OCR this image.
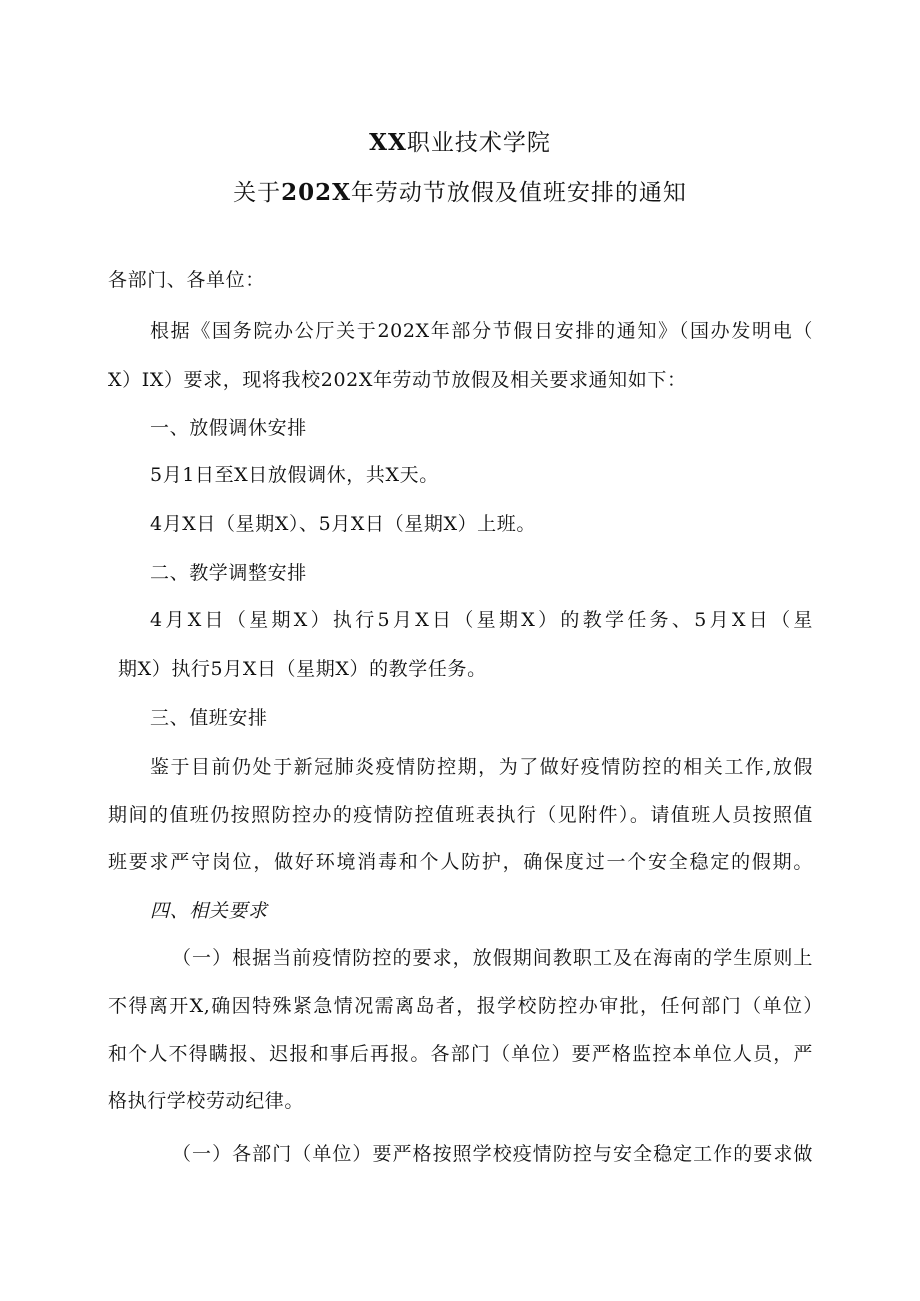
XX职业技术学院
关于202X年劳动节放假及值班安排的通知
各部门、各单位：
根据《国务院办公厅关于202X年部分节假日安排的通知》（国办发明电（
X）IX）要求，现将我校202X年劳动节放假及相关要求通知如下：
一、放假调休安排
5月1日至X日放假调休，共X天。
4月X日（星期X）、5月X日（星期X）上班。
二、教学调整安排
4月X日（星期X）执行5月X日（星期X）的教学任务、5月X日（星
期X）执行5月X日（星期X）的教学任务。
三、值班安排
鉴于目前仍处于新冠肺炎疫情防控期，为了做好疫情防控的相关工作,放假
期间的值班仍按照防控办的疫情防控值班表执行（见附件）。请值班人员按照值
班要求严守岗位，做好环境消毒和个人防护，确保度过一个安全稳定的假期。
四、相关要求
（一）根据当前疫情防控的要求，放假期间教职工及在海南的学生原则上
不得离开X,确因特殊紧急情况需离岛者，报学校防控办审批，任何部门（单位）
和个人不得瞒报、迟报和事后再报。各部门（单位）要严格监控本单位人员，严
格执行学校劳动纪律。
（一）各部门（单位）要严格按照学校疫情防控与安全稳定工作的要求做
